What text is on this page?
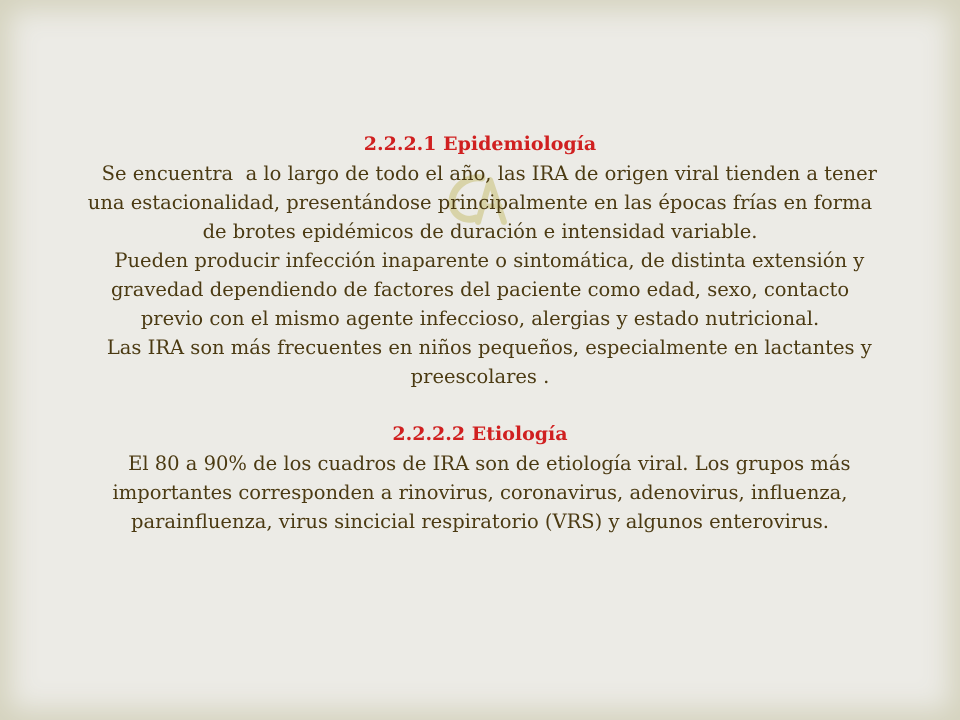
2.2.2.1 Epidemiología
Se encuentra  a lo largo de todo el año, las IRA de origen viral tienden a tener
una estacionalidad, presentándose principalmente en las épocas frías en forma
de brotes epidémicos de duración e intensidad variable.
Pueden producir infección inaparente o sintomática, de distinta extensión y
gravedad dependiendo de factores del paciente como edad, sexo, contacto
previo con el mismo agente infeccioso, alergias y estado nutricional.
Las IRA son más frecuentes en niños pequeños, especialmente en lactantes y
preescolares .
2.2.2.2 Etiología
El 80 a 90% de los cuadros de IRA son de etiología viral. Los grupos más
importantes corresponden a rinovirus, coronavirus, adenovirus, influenza,
parainfluenza, virus sincicial respiratorio (VRS) y algunos enterovirus.
